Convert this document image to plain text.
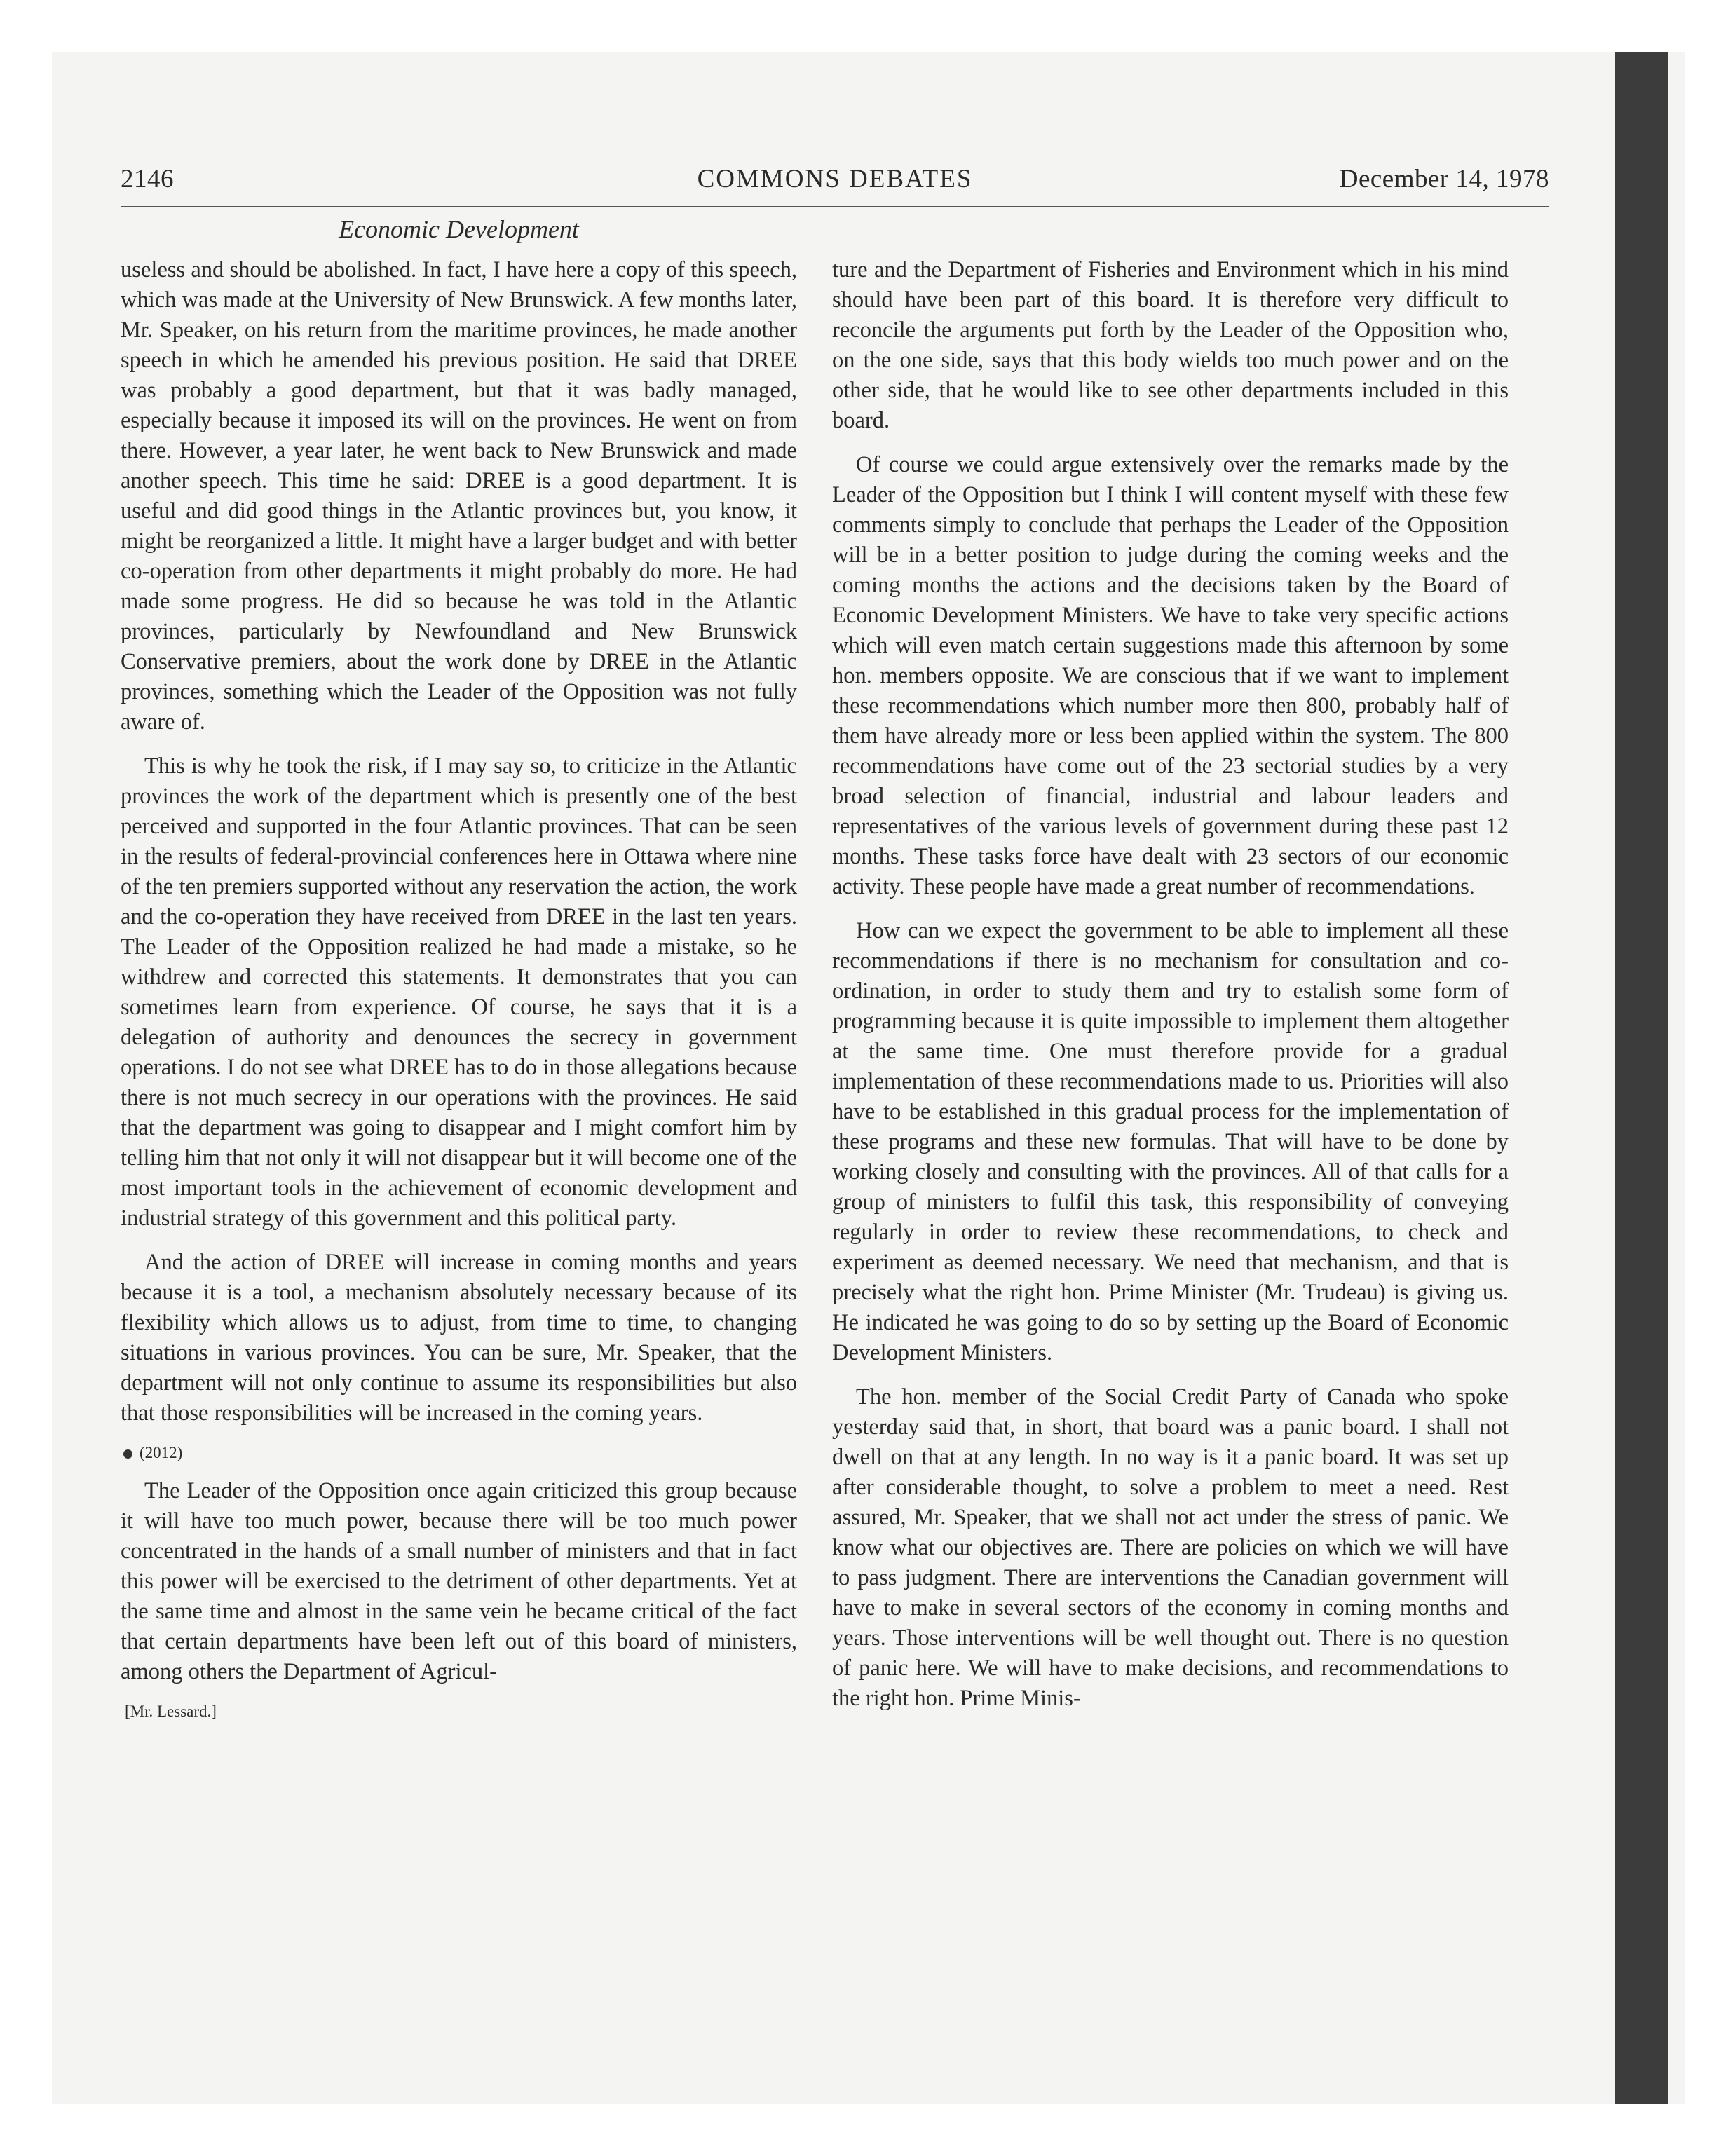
2146	COMMONS DEBATES	December 14, 1978
Economic Development

useless and should be abolished. In fact, I have here a copy of this speech, which was made at the University of New Brunswick. A few months later, Mr. Speaker, on his return from the maritime provinces, he made another speech in which he amended his previous position. He said that DREE was probably a good department, but that it was badly managed, especially because it imposed its will on the provinces. He went on from there. However, a year later, he went back to New Brunswick and made another speech. This time he said: DREE is a good department. It is useful and did good things in the Atlantic provinces but, you know, it might be reorganized a little. It might have a larger budget and with better co-operation from other departments it might probably do more. He had made some progress. He did so because he was told in the Atlantic provinces, particularly by Newfoundland and New Brunswick Conservative premiers, about the work done by DREE in the Atlantic provinces, something which the Leader of the Opposition was not fully aware of.

This is why he took the risk, if I may say so, to criticize in the Atlantic provinces the work of the department which is presently one of the best perceived and supported in the four Atlantic provinces. That can be seen in the results of federal-provincial conferences here in Ottawa where nine of the ten premiers supported without any reservation the action, the work and the co-operation they have received from DREE in the last ten years. The Leader of the Opposition realized he had made a mistake, so he withdrew and corrected this statements. It demonstrates that you can sometimes learn from experience. Of course, he says that it is a delegation of authority and denounces the secrecy in government operations. I do not see what DREE has to do in those allegations because there is not much secrecy in our operations with the provinces. He said that the department was going to disappear and I might comfort him by telling him that not only it will not disappear but it will become one of the most important tools in the achievement of economic development and industrial strategy of this government and this political party.

And the action of DREE will increase in coming months and years because it is a tool, a mechanism absolutely necessary because of its flexibility which allows us to adjust, from time to time, to changing situations in various provinces. You can be sure, Mr. Speaker, that the department will not only continue to assume its responsibilities but also that those responsibilities will be increased in the coming years.

(2012)

The Leader of the Opposition once again criticized this group because it will have too much power, because there will be too much power concentrated in the hands of a small number of ministers and that in fact this power will be exercised to the detriment of other departments. Yet at the same time and almost in the same vein he became critical of the fact that certain departments have been left out of this board of ministers, among others the Department of Agricul-

[Mr. Lessard.]

ture and the Department of Fisheries and Environment which in his mind should have been part of this board. It is therefore very difficult to reconcile the arguments put forth by the Leader of the Opposition who, on the one side, says that this body wields too much power and on the other side, that he would like to see other departments included in this board.

Of course we could argue extensively over the remarks made by the Leader of the Opposition but I think I will content myself with these few comments simply to conclude that perhaps the Leader of the Opposition will be in a better position to judge during the coming weeks and the coming months the actions and the decisions taken by the Board of Economic Development Ministers. We have to take very specific actions which will even match certain suggestions made this afternoon by some hon. members opposite. We are conscious that if we want to implement these recommendations which number more then 800, probably half of them have already more or less been applied within the system. The 800 recommendations have come out of the 23 sectorial studies by a very broad selection of financial, industrial and labour leaders and representatives of the various levels of government during these past 12 months. These tasks force have dealt with 23 sectors of our economic activity. These people have made a great number of recommendations.

How can we expect the government to be able to implement all these recommendations if there is no mechanism for consultation and co-ordination, in order to study them and try to estalish some form of programming because it is quite impossible to implement them altogether at the same time. One must therefore provide for a gradual implementation of these recommendations made to us. Priorities will also have to be established in this gradual process for the implementation of these programs and these new formulas. That will have to be done by working closely and consulting with the provinces. All of that calls for a group of ministers to fulfil this task, this responsibility of conveying regularly in order to review these recommendations, to check and experiment as deemed necessary. We need that mechanism, and that is precisely what the right hon. Prime Minister (Mr. Trudeau) is giving us. He indicated he was going to do so by setting up the Board of Economic Development Ministers.

The hon. member of the Social Credit Party of Canada who spoke yesterday said that, in short, that board was a panic board. I shall not dwell on that at any length. In no way is it a panic board. It was set up after considerable thought, to solve a problem to meet a need. Rest assured, Mr. Speaker, that we shall not act under the stress of panic. We know what our objectives are. There are policies on which we will have to pass judgment. There are interventions the Canadian government will have to make in several sectors of the economy in coming months and years. Those interventions will be well thought out. There is no question of panic here. We will have to make decisions, and recommendations to the right hon. Prime Minis-
